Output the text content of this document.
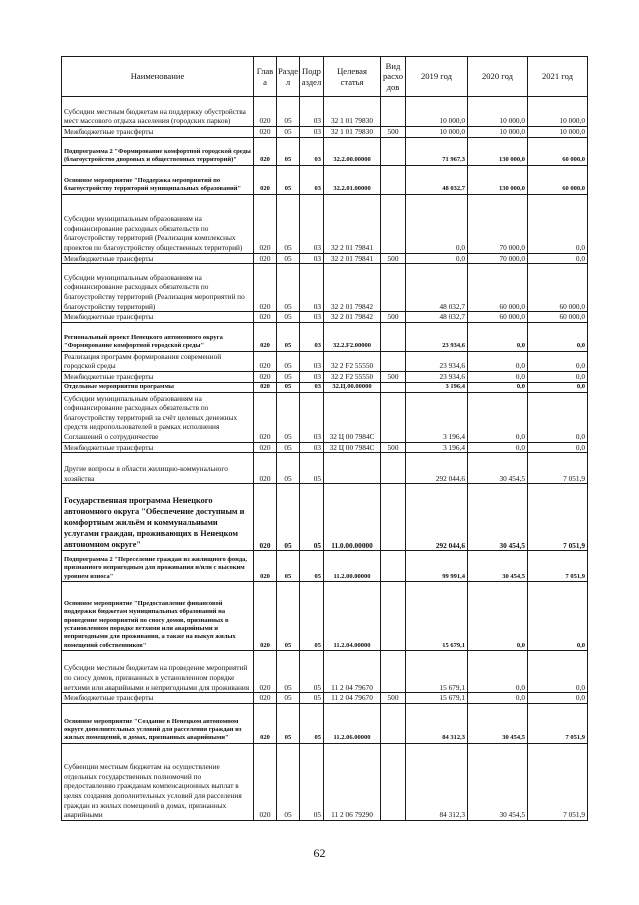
Наименование	Глав а	Разде л	Подр аздел	Целевая статья	Вид расхо дов	2019 год	2020 год	2021 год
Субсидии местным бюджетам на поддержку обустройства мест массового отдыха населения (городских парков)	020	05	03	32 1 01 79830		10 000,0	10 000,0	10 000,0
Межбюджетные трансферты	020	05	03	32 1 01 79830	500	10 000,0	10 000,0	10 000,0
Подпрограмма 2 "Формирование комфортной городской среды (благоустройство дворовых и общественных территорий)"	020	05	03	32.2.00.00000		71 967,3	130 000,0	60 000,0
Основное мероприятие "Поддержка мероприятий по благоустройству территорий муниципальных образований"	020	05	03	32.2.01.00000		48 032,7	130 000,0	60 000,0
Субсидии муниципальным образованиям на софинансирование расходных обязательств по благоустройству территорий (Реализация комплексных проектов по благоустройству общественных территорий)	020	05	03	32 2 01 79841		0,0	70 000,0	0,0
Межбюджетные трансферты	020	05	03	32 2 01 79841	500	0,0	70 000,0	0,0
Субсидии муниципальным образованиям на софинансирование расходных обязательств по благоустройству территорий (Реализация мероприятий по благоустройству территорий)	020	05	03	32 2 01 79842		48 032,7	60 000,0	60 000,0
Межбюджетные трансферты	020	05	03	32 2 01 79842	500	48 032,7	60 000,0	60 000,0
Региональный проект Ненецкого автономного округа "Формирование комфортной городской среды"	020	05	03	32.2.F2.00000		23 934,6	0,0	0,0
Реализация программ формирования современной городской среды	020	05	03	32 2 F2 55550		23 934,6	0,0	0,0
Межбюджетные трансферты	020	05	03	32 2 F2 55550	500	23 934,6	0,0	0,0
Отдельные мероприятия программы	020	05	03	32.Ц.00.00000		3 196,4	0,0	0,0
Субсидии муниципальным образованиям на софинансирование расходных обязательств по благоустройству территорий за счёт целевых денежных средств недропользователей в рамках исполнения Соглашений о сотрудничестве	020	05	03	32 Ц 00 7984С		3 196,4	0,0	0,0
Межбюджетные трансферты	020	05	03	32 Ц 00 7984С	500	3 196,4	0,0	0,0
Другие вопросы в области жилищно-коммунального хозяйства	020	05	05			292 044,6	30 454,5	7 051,9
Государственная программа Ненецкого автономного округа "Обеспечение доступным и комфортным жильём и коммунальными услугами граждан, проживающих в Ненецком автономном округе"	020	05	05	11.0.00.00000		292 044,6	30 454,5	7 051,9
Подпрограмма 2 "Переселение граждан из жилищного фонда, признанного непригодным для проживания и/или с высоким уровнем износа"	020	05	05	11.2.00.00000		99 991,4	30 454,5	7 051,9
Основное мероприятие "Предоставление финансовой поддержки бюджетам муниципальных образований на проведение мероприятий по сносу домов, признанных в установленном порядке ветхими или аварийными и непригодными для проживания, а также на выкуп жилых помещений собственников"	020	05	05	11.2.04.00000		15 679,1	0,0	0,0
Субсидии местным бюджетам на проведение мероприятий по сносу домов, признанных в установленном порядке ветхими или аварийными и непригодными для проживания	020	05	05	11 2 04 79670		15 679,1	0,0	0,0
Межбюджетные трансферты	020	05	05	11 2 04 79670	500	15 679,1	0,0	0,0
Основное мероприятие "Создание в Ненецком автономном округе дополнительных условий для расселения граждан из жилых помещений, в домах, признанных аварийными"	020	05	05	11.2.06.00000		84 312,3	30 454,5	7 051,9
Субвенции местным бюджетам на осуществление отдельных государственных полномочий по предоставлению гражданам компенсационных выплат в целях создания дополнительных условий для расселения граждан из жилых помещений в домах, признанных аварийными	020	05	05	11 2 06 79290		84 312,3	30 454,5	7 051,9
62
